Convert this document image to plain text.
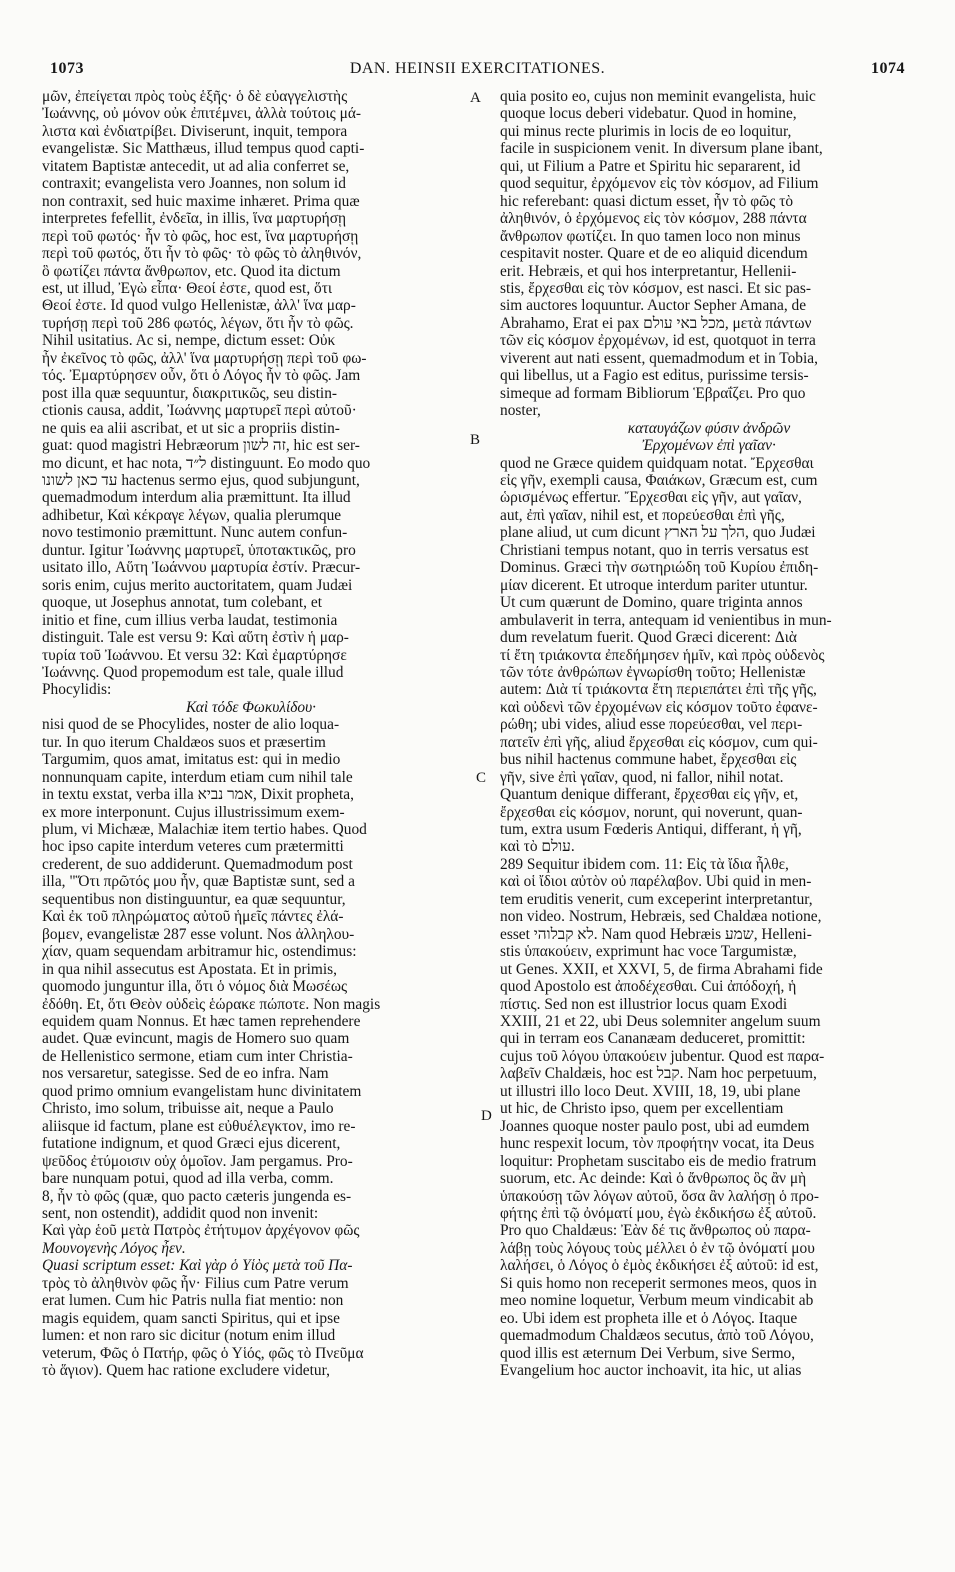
1073	DAN. HEINSII EXERCITATIONES.	1074
A
B
C
D
μῶν, ἐπείγεται πρὸς τοὺς ἑξῆς· ὁ δὲ εὐαγγελιστὴς
Ἰωάννης, οὐ μόνον οὐκ ἐπιτέμνει, ἀλλὰ τούτοις μά-
λιστα καὶ ἐνδιατρίβει. Diviserunt, inquit, tempora
evangelistæ. Sic Matthæus, illud tempus quod capti-
vitatem Baptistæ antecedit, ut ad alia conferret se,
contraxit; evangelista vero Joannes, non solum id
non contraxit, sed huic maxime inhæret. Prima quæ
interpretes fefellit, ἐνδεῖα, in illis, ἵνα μαρτυρήσῃ
περὶ τοῦ φωτός· ἦν τὸ φῶς, hoc est, ἵνα μαρτυρήσῃ
περὶ τοῦ φωτός, ὅτι ἦν τὸ φῶς· τὸ φῶς τὸ ἀληθινόν,
ὃ φωτίζει πάντα ἄνθρωπον, etc. Quod ita dictum
est, ut illud, Ἐγὼ εἶπα· Θεοί ἐστε, quod est, ὅτι
Θεοί ἐστε. Id quod vulgo Hellenistæ, ἀλλ' ἵνα μαρ-
τυρήσῃ περὶ τοῦ 286 φωτός, λέγων, ὅτι ἦν τὸ φῶς.
Nihil usitatius. Ac si, nempe, dictum esset: Οὐκ
ἦν ἐκεῖνος τὸ φῶς, ἀλλ' ἵνα μαρτυρήσῃ περὶ τοῦ φω-
τός. Ἐμαρτύρησεν οὖν, ὅτι ὁ Λόγος ἦν τὸ φῶς. Jam
post illa quæ sequuntur, διακριτικῶς, seu distin-
ctionis causa, addit, Ἰωάννης μαρτυρεῖ περὶ αὐτοῦ·
ne quis ea alii ascribat, et ut sic a propriis distin-
guat: quod magistri Hebræorum זה לשון, hic est ser-
mo dicunt, et hac nota, ל״ד distinguunt. Eo modo quo
עד כאן לשונו hactenus sermo ejus, quod subjungunt,
quemadmodum interdum alia præmittunt. Ita illud
adhibetur, Καὶ κέκραγε λέγων, qualia plerumque
novo testimonio præmittunt. Nunc autem confun-
duntur. Igitur Ἰωάννης μαρτυρεῖ, ὑποτακτικῶς, pro
usitato illo, Αὕτη Ἰωάννου μαρτυρία ἐστίν. Præcur-
soris enim, cujus merito auctoritatem, quam Judæi
quoque, ut Josephus annotat, tum colebant, et
initio et fine, cum illius verba laudat, testimonia
distinguit. Tale est versu 9: Καὶ αὕτη ἐστὶν ἡ μαρ-
τυρία τοῦ Ἰωάννου. Et versu 32: Καὶ ἐμαρτύρησε
Ἰωάννης. Quod propemodum est tale, quale illud
Phocylidis:
Καὶ τόδε Φωκυλίδου·
nisi quod de se Phocylides, noster de alio loqua-
tur. In quo iterum Chaldæos suos et præsertim
Targumim, quos amat, imitatus est: qui in medio
nonnunquam capite, interdum etiam cum nihil tale
in textu exstat, verba illa אמר נביא, Dixit propheta,
ex more interponunt. Cujus illustrissimum exem-
plum, vi Michææ, Malachiæ item tertio habes. Quod
hoc ipso capite interdum veteres cum prætermitti
crederent, de suo addiderunt. Quemadmodum post
illa, "Ὅτι πρῶτός μου ἦν, quæ Baptistæ sunt, sed a
sequentibus non distinguuntur, ea quæ sequuntur,
Καὶ ἐκ τοῦ πληρώματος αὐτοῦ ἡμεῖς πάντες ἐλά-
βομεν, evangelistæ 287 esse volunt. Nos ἀλληλου-
χίαν, quam sequendam arbitramur hic, ostendimus:
in qua nihil assecutus est Apostata. Et in primis,
quomodo junguntur illa, ὅτι ὁ νόμος διὰ Μωσέως
ἐδόθη. Et, ὅτι Θεὸν οὐδεὶς ἑώρακε πώποτε. Non magis
equidem quam Nonnus. Et hæc tamen reprehendere
audet. Quæ evincunt, magis de Homero suo quam
de Hellenistico sermone, etiam cum inter Christia-
nos versaretur, sategisse. Sed de eo infra. Nam
quod primo omnium evangelistam hunc divinitatem
Christo, imo solum, tribuisse ait, neque a Paulo
aliisque id factum, plane est εὐθυέλεγκτον, imo re-
futatione indignum, et quod Græci ejus dicerent,
ψεῦδος ἐτύμοισιν οὐχ ὁμοῖον. Jam pergamus. Pro-
bare nunquam potui, quod ad illa verba, comm.
8, ἦν τὸ φῶς (quæ, quo pacto cæteris jungenda es-
sent, non ostendit), addidit quod non invenit:
Καὶ γὰρ ἑοῦ μετὰ Πατρὸς ἐτήτυμον ἀρχέγονον φῶς
Μουνογενὴς Λόγος ἦεν.
Quasi scriptum esset: Καὶ γὰρ ὁ Υἱὸς μετὰ τοῦ Πα-
τρὸς τὸ ἀληθινὸν φῶς ἦν· Filius cum Patre verum
erat lumen. Cum hic Patris nulla fiat mentio: non
magis equidem, quam sancti Spiritus, qui et ipse
lumen: et non raro sic dicitur (notum enim illud
veterum, Φῶς ὁ Πατήρ, φῶς ὁ Υἱός, φῶς τὸ Πνεῦμα
τὸ ἅγιον). Quem hac ratione excludere videtur,
quia posito eo, cujus non meminit evangelista, huic
quoque locus deberi videbatur. Quod in homine,
qui minus recte plurimis in locis de eo loquitur,
facile in suspicionem venit. In diversum plane ibant,
qui, ut Filium a Patre et Spiritu hic separarent, id
quod sequitur, ἐρχόμενον εἰς τὸν κόσμον, ad Filium
hic referebant: quasi dictum esset, ἦν τὸ φῶς τὸ
ἀληθινόν, ὁ ἐρχόμενος εἰς τὸν κόσμον, 288 πάντα
ἄνθρωπον φωτίζει. In quo tamen loco non minus
cespitavit noster. Quare et de eo aliquid dicendum
erit. Hebræis, et qui hos interpretantur, Hellenii-
stis, ἔρχεσθαι εἰς τὸν κόσμον, est nasci. Et sic pas-
sim auctores loquuntur. Auctor Sepher Amana, de
Abrahamo, Erat ei pax מכל באי עולם, μετὰ πάντων
τῶν εἰς κόσμον ἐρχομένων, id est, quotquot in terra
viverent aut nati essent, quemadmodum et in Tobia,
qui libellus, ut a Fagio est editus, purissime tersis-
simeque ad formam Bibliorum Ἑβραΐζει. Pro quo
noster,
καταυγάζων φύσιν ἀνδρῶν
Ἐρχομένων ἐπὶ γαῖαν·
quod ne Græce quidem quidquam notat. Ἔρχεσθαι
εἰς γῆν, exempli causa, Φαιάκων, Græcum est, cum
ὡρισμένως effertur. Ἔρχεσθαι εἰς γῆν, aut γαῖαν,
aut, ἐπὶ γαῖαν, nihil est, et πορεύεσθαι ἐπὶ γῆς,
plane aliud, ut cum dicunt הלך על הארץ, quo Judæi
Christiani tempus notant, quo in terris versatus est
Dominus. Græci τὴν σωτηριώδη τοῦ Κυρίου ἐπιδη-
μίαν dicerent. Et utroque interdum pariter utuntur.
Ut cum quærunt de Domino, quare triginta annos
ambulaverit in terra, antequam id venientibus in mun-
dum revelatum fuerit. Quod Græci dicerent: Διὰ
τί ἔτη τριάκοντα ἐπεδήμησεν ἡμῖν, καὶ πρὸς οὐδενὸς
τῶν τότε ἀνθρώπων ἐγνωρίσθη τοῦτο; Hellenistæ
autem: Διὰ τί τριάκοντα ἔτη περιεπάτει ἐπὶ τῆς γῆς,
καὶ οὐδενὶ τῶν ἐρχομένων εἰς κόσμον τοῦτο ἐφανε-
ρώθη; ubi vides, aliud esse πορεύεσθαι, vel περι-
πατεῖν ἐπὶ γῆς, aliud ἔρχεσθαι εἰς κόσμον, cum qui-
bus nihil hactenus commune habet, ἔρχεσθαι εἰς
γῆν, sive ἐπὶ γαῖαν, quod, ni fallor, nihil notat.
Quantum denique differant, ἔρχεσθαι εἰς γῆν, et,
ἔρχεσθαι εἰς κόσμον, norunt, qui noverunt, quan-
tum, extra usum Fœderis Antiqui, differant, ἡ γῆ,
καὶ τὸ עולם.
289 Sequitur ibidem com. 11: Εἰς τὰ ἴδια ἦλθε,
καὶ οἱ ἴδιοι αὐτὸν οὐ παρέλαβον. Ubi quid in men-
tem eruditis venerit, cum exceperint interpretantur,
non video. Nostrum, Hebræis, sed Chaldæa notione,
esset לא קבלוהי. Nam quod Hebræis שמע, Helleni-
stis ὑπακούειν, exprimunt hac voce Targumistæ,
ut Genes. XXII, et XXVI, 5, de firma Abrahami fide
quod Apostolo est ἀποδέχεσθαι. Cui ἀπόδοχή, ἡ
πίστις. Sed non est illustrior locus quam Exodi
XXIII, 21 et 22, ubi Deus solemniter angelum suum
qui in terram eos Cananæam deduceret, promittit:
cujus τοῦ λόγου ὑπακούειν jubentur. Quod est παρα-
λαβεῖν Chaldæis, hoc est קבל. Nam hoc perpetuum,
ut illustri illo loco Deut. XVIII, 18, 19, ubi plane
ut hic, de Christo ipso, quem per excellentiam
Joannes quoque noster paulo post, ubi ad eumdem
hunc respexit locum, τὸν προφήτην vocat, ita Deus
loquitur: Prophetam suscitabo eis de medio fratrum
suorum, etc. Ac deinde: Καὶ ὁ ἄνθρωπος ὃς ἂν μὴ
ὑπακούσῃ τῶν λόγων αὐτοῦ, ὅσα ἂν λαλήσῃ ὁ προ-
φήτης ἐπὶ τῷ ὀνόματί μου, ἐγὼ ἐκδικήσω ἐξ αὐτοῦ.
Pro quo Chaldæus: Ἐὰν δέ τις ἄνθρωπος οὐ παρα-
λάβῃ τοὺς λόγους τοὺς μέλλει ὁ ἐν τῷ ὀνόματί μου
λαλήσει, ὁ Λόγος ὁ ἐμὸς ἐκδικήσει ἐξ αὐτοῦ: id est,
Si quis homo non receperit sermones meos, quos in
meo nomine loquetur, Verbum meum vindicabit ab
eo. Ubi idem est propheta ille et ὁ Λόγος. Itaque
quemadmodum Chaldæos secutus, ἀπὸ τοῦ Λόγου,
quod illis est æternum Dei Verbum, sive Sermo,
Evangelium hoc auctor inchoavit, ita hic, ut alias
